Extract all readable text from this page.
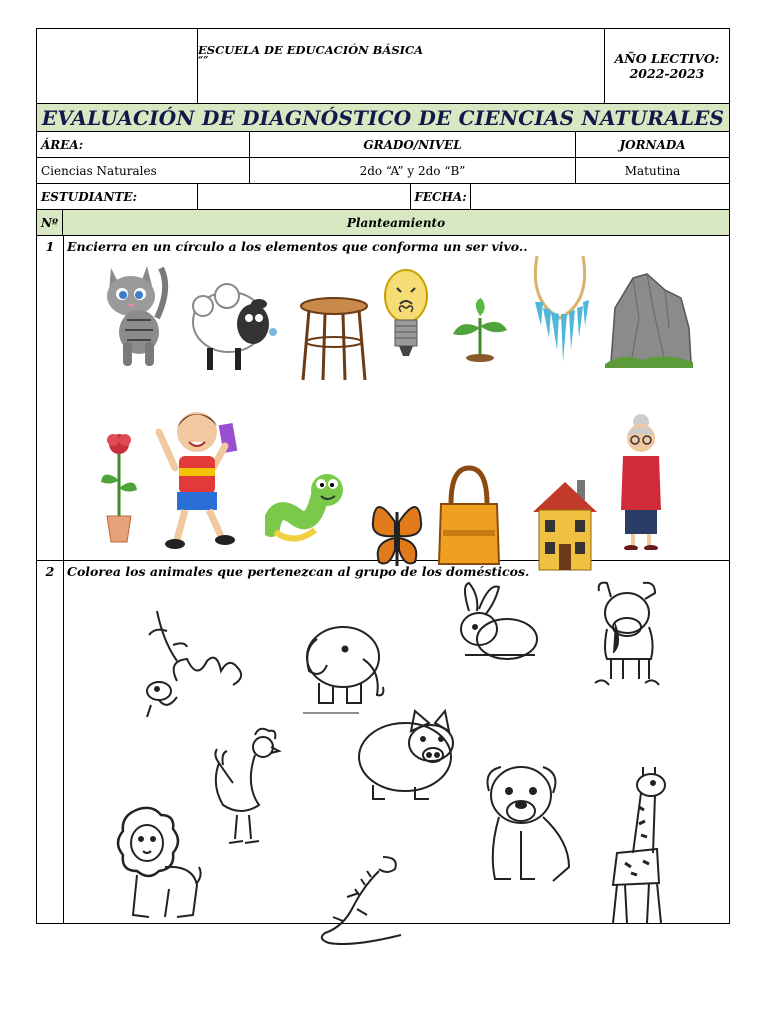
ESCUELA DE EDUCACIÓN BÁSICA
“”	AÑO LECTIVO:
2022-2023
EVALUACIÓN DE DIAGNÓSTICO DE CIENCIAS NATURALES
ÁREA:	GRADO/NIVEL	JORNADA
Ciencias Naturales	2do “A” y 2do “B”	Matutina
ESTUDIANTE:	FECHA:
Nº	Planteamiento
1	Encierra en un círculo a los elementos que conforma un ser vivo..
2	Colorea los animales que pertenezcan al grupo de los domésticos.
